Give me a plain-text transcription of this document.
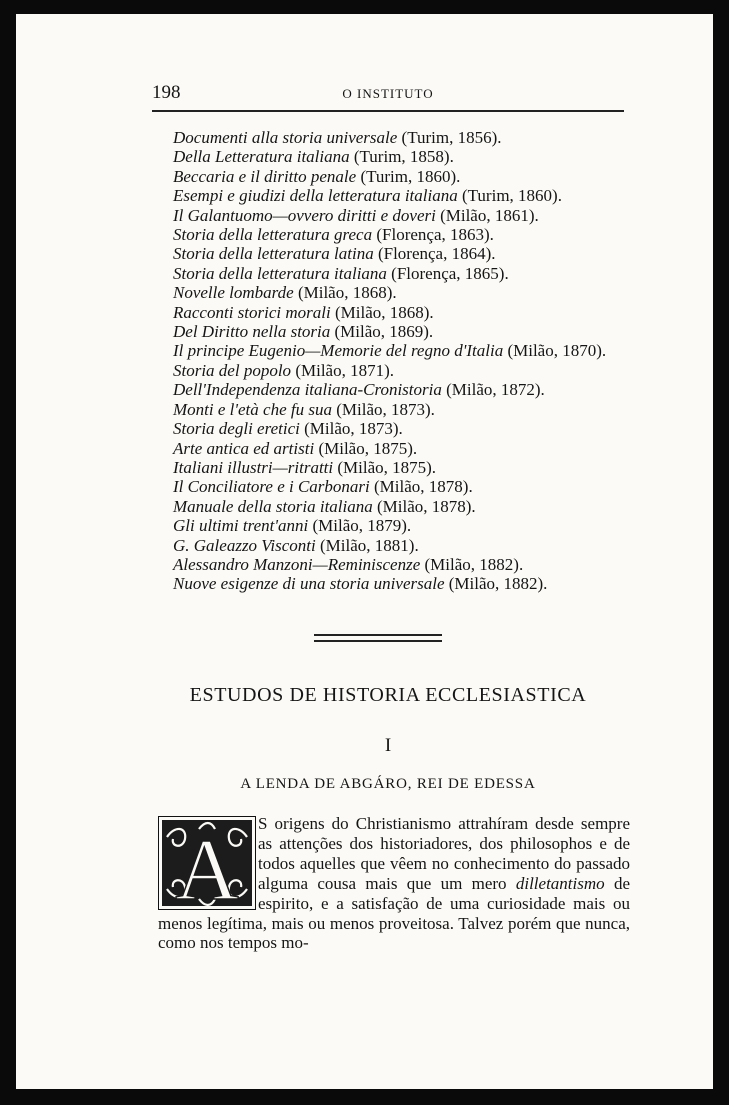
198	O INSTITUTO
Documenti alla storia universale (Turim, 1856).
Della Letteratura italiana (Turim, 1858).
Beccaria e il diritto penale (Turim, 1860).
Esempi e giudizi della letteratura italiana (Turim, 1860).
Il Galantuomo—ovvero diritti e doveri (Milão, 1861).
Storia della letteratura greca (Florença, 1863).
Storia della letteratura latina (Florença, 1864).
Storia della letteratura italiana (Florença, 1865).
Novelle lombarde (Milão, 1868).
Racconti storici morali (Milão, 1868).
Del Diritto nella storia (Milão, 1869).
Il principe Eugenio—Memorie del regno d'Italia (Milão, 1870).
Storia del popolo (Milão, 1871).
Dell'Independenza italiana-Cronistoria (Milão, 1872).
Monti e l'età che fu sua (Milão, 1873).
Storia degli eretici (Milão, 1873).
Arte antica ed artisti (Milão, 1875).
Italiani illustri—ritratti (Milão, 1875).
Il Conciliatore e i Carbonari (Milão, 1878).
Manuale della storia italiana (Milão, 1878).
Gli ultimi trent'anni (Milão, 1879).
G. Galeazzo Visconti (Milão, 1881).
Alessandro Manzoni—Reminiscenze (Milão, 1882).
Nuove esigenze di una storia universale (Milão, 1882).
ESTUDOS DE HISTORIA ECCLESIASTICA
I
A LENDA DE ABGÁRO, REI DE EDESSA
A	S origens do Christianismo attrahíram desde sempre as attenções dos historiadores, dos philosophos e de todos aquelles que vêem no conhecimento do passado alguma cousa mais que um mero dilletantismo de espirito, e a satisfação de uma curiosidade mais ou menos legítima, mais ou menos proveitosa. Talvez porém que nunca, como nos tempos mo-
